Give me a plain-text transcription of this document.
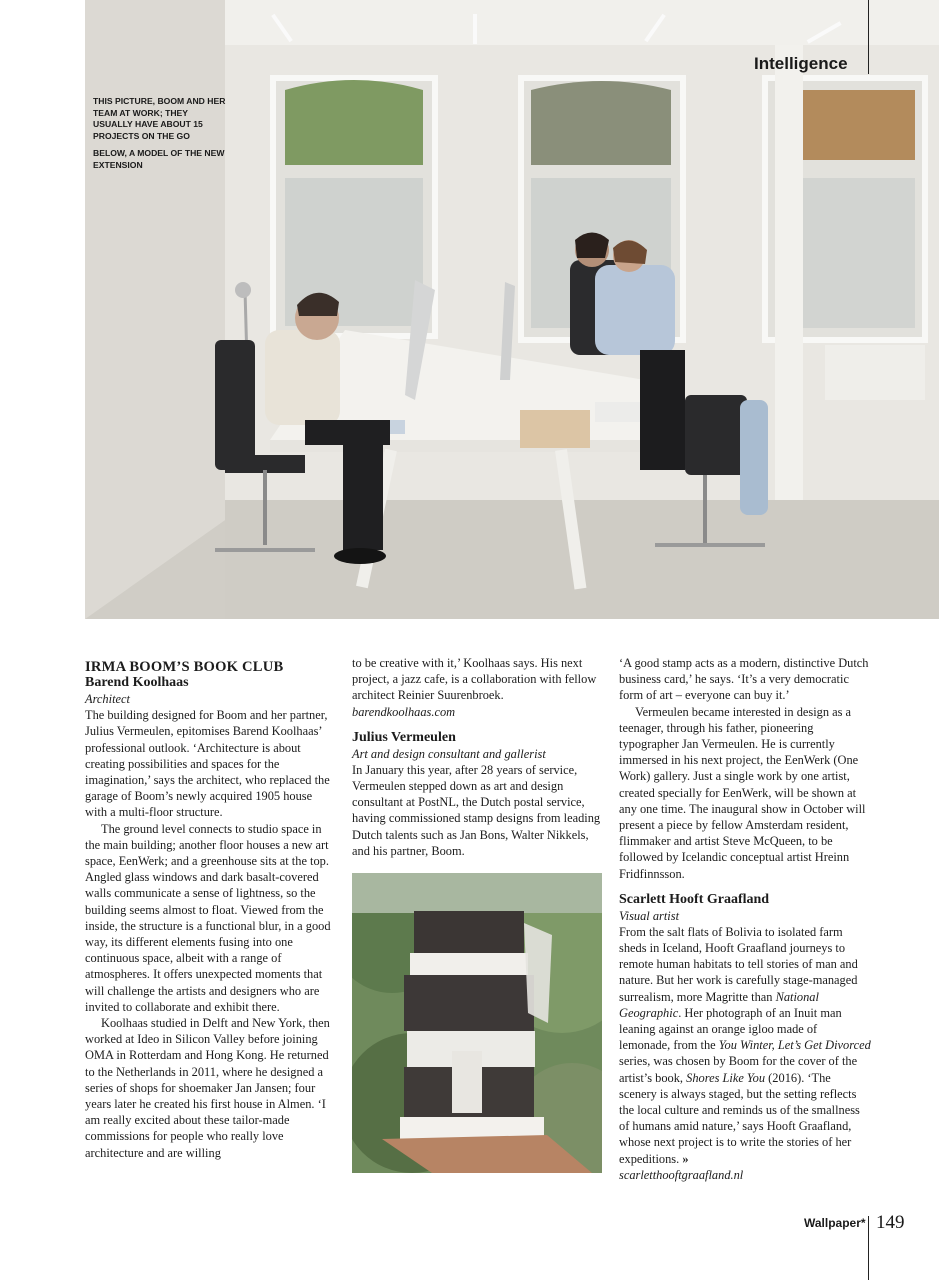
Intelligence
THIS PICTURE, BOOM AND HER TEAM AT WORK; THEY USUALLY HAVE ABOUT 15 PROJECTS ON THE GO
BELOW, A MODEL OF THE NEW EXTENSION

IRMA BOOM’S BOOK CLUB

Barend Koolhaas

Architect

The building designed for Boom and her partner, Julius Vermeulen, epitomises Barend Koolhaas’ professional outlook. ‘Architecture is about creating possibilities and spaces for the imagination,’ says the architect, who replaced the garage of Boom’s newly acquired 1905 house with a multi-floor structure.

The ground level connects to studio space in the main building; another floor houses a new art space, EenWerk; and a greenhouse sits at the top. Angled glass windows and dark basalt-covered walls communicate a sense of lightness, so the building seems almost to float. Viewed from the inside, the structure is a functional blur, in a good way, its different elements fusing into one continuous space, albeit with a range of atmospheres. It offers unexpected moments that will challenge the artists and designers who are invited to collaborate and exhibit there.

Koolhaas studied in Delft and New York, then worked at Ideo in Silicon Valley before joining OMA in Rotterdam and Hong Kong. He returned to the Netherlands in 2011, where he designed a series of shops for shoemaker Jan Jansen; four years later he created his first house in Almen. ‘I am really excited about these tailor-made commissions for people who really love architecture and are willing

to be creative with it,’ Koolhaas says. His next project, a jazz cafe, is a collaboration with fellow architect Reinier Suurenbroek.

barendkoolhaas.com

Julius Vermeulen

Art and design consultant and gallerist

In January this year, after 28 years of service, Vermeulen stepped down as art and design consultant at PostNL, the Dutch postal service, having commissioned stamp designs from leading Dutch talents such as Jan Bons, Walter Nikkels, and his partner, Boom.

‘A good stamp acts as a modern, distinctive Dutch business card,’ he says. ‘It’s a very democratic form of art – everyone can buy it.’

Vermeulen became interested in design as a teenager, through his father, pioneering typographer Jan Vermeulen. He is currently immersed in his next project, the EenWerk (One Work) gallery. Just a single work by one artist, created specially for EenWerk, will be shown at any one time. The inaugural show in October will present a piece by fellow Amsterdam resident, flimmaker and artist Steve McQueen, to be followed by Icelandic conceptual artist Hreinn Fridfinnsson.

Scarlett Hooft Graafland

Visual artist

From the salt flats of Bolivia to isolated farm sheds in Iceland, Hooft Graafland journeys to remote human habitats to tell stories of man and nature. But her work is carefully stage-managed surrealism, more Magritte than National Geographic. Her photograph of an Inuit man leaning against an orange igloo made of lemonade, from the You Winter, Let’s Get Divorced series, was chosen by Boom for the cover of the artist’s book, Shores Like You (2016). ‘The scenery is always staged, but the setting reflects the local culture and reminds us of the smallness of humans amid nature,’ says Hooft Graafland, whose next project is to write the stories of her expeditions. »

scarletthooftgraafland.nl

Wallpaper* 149
